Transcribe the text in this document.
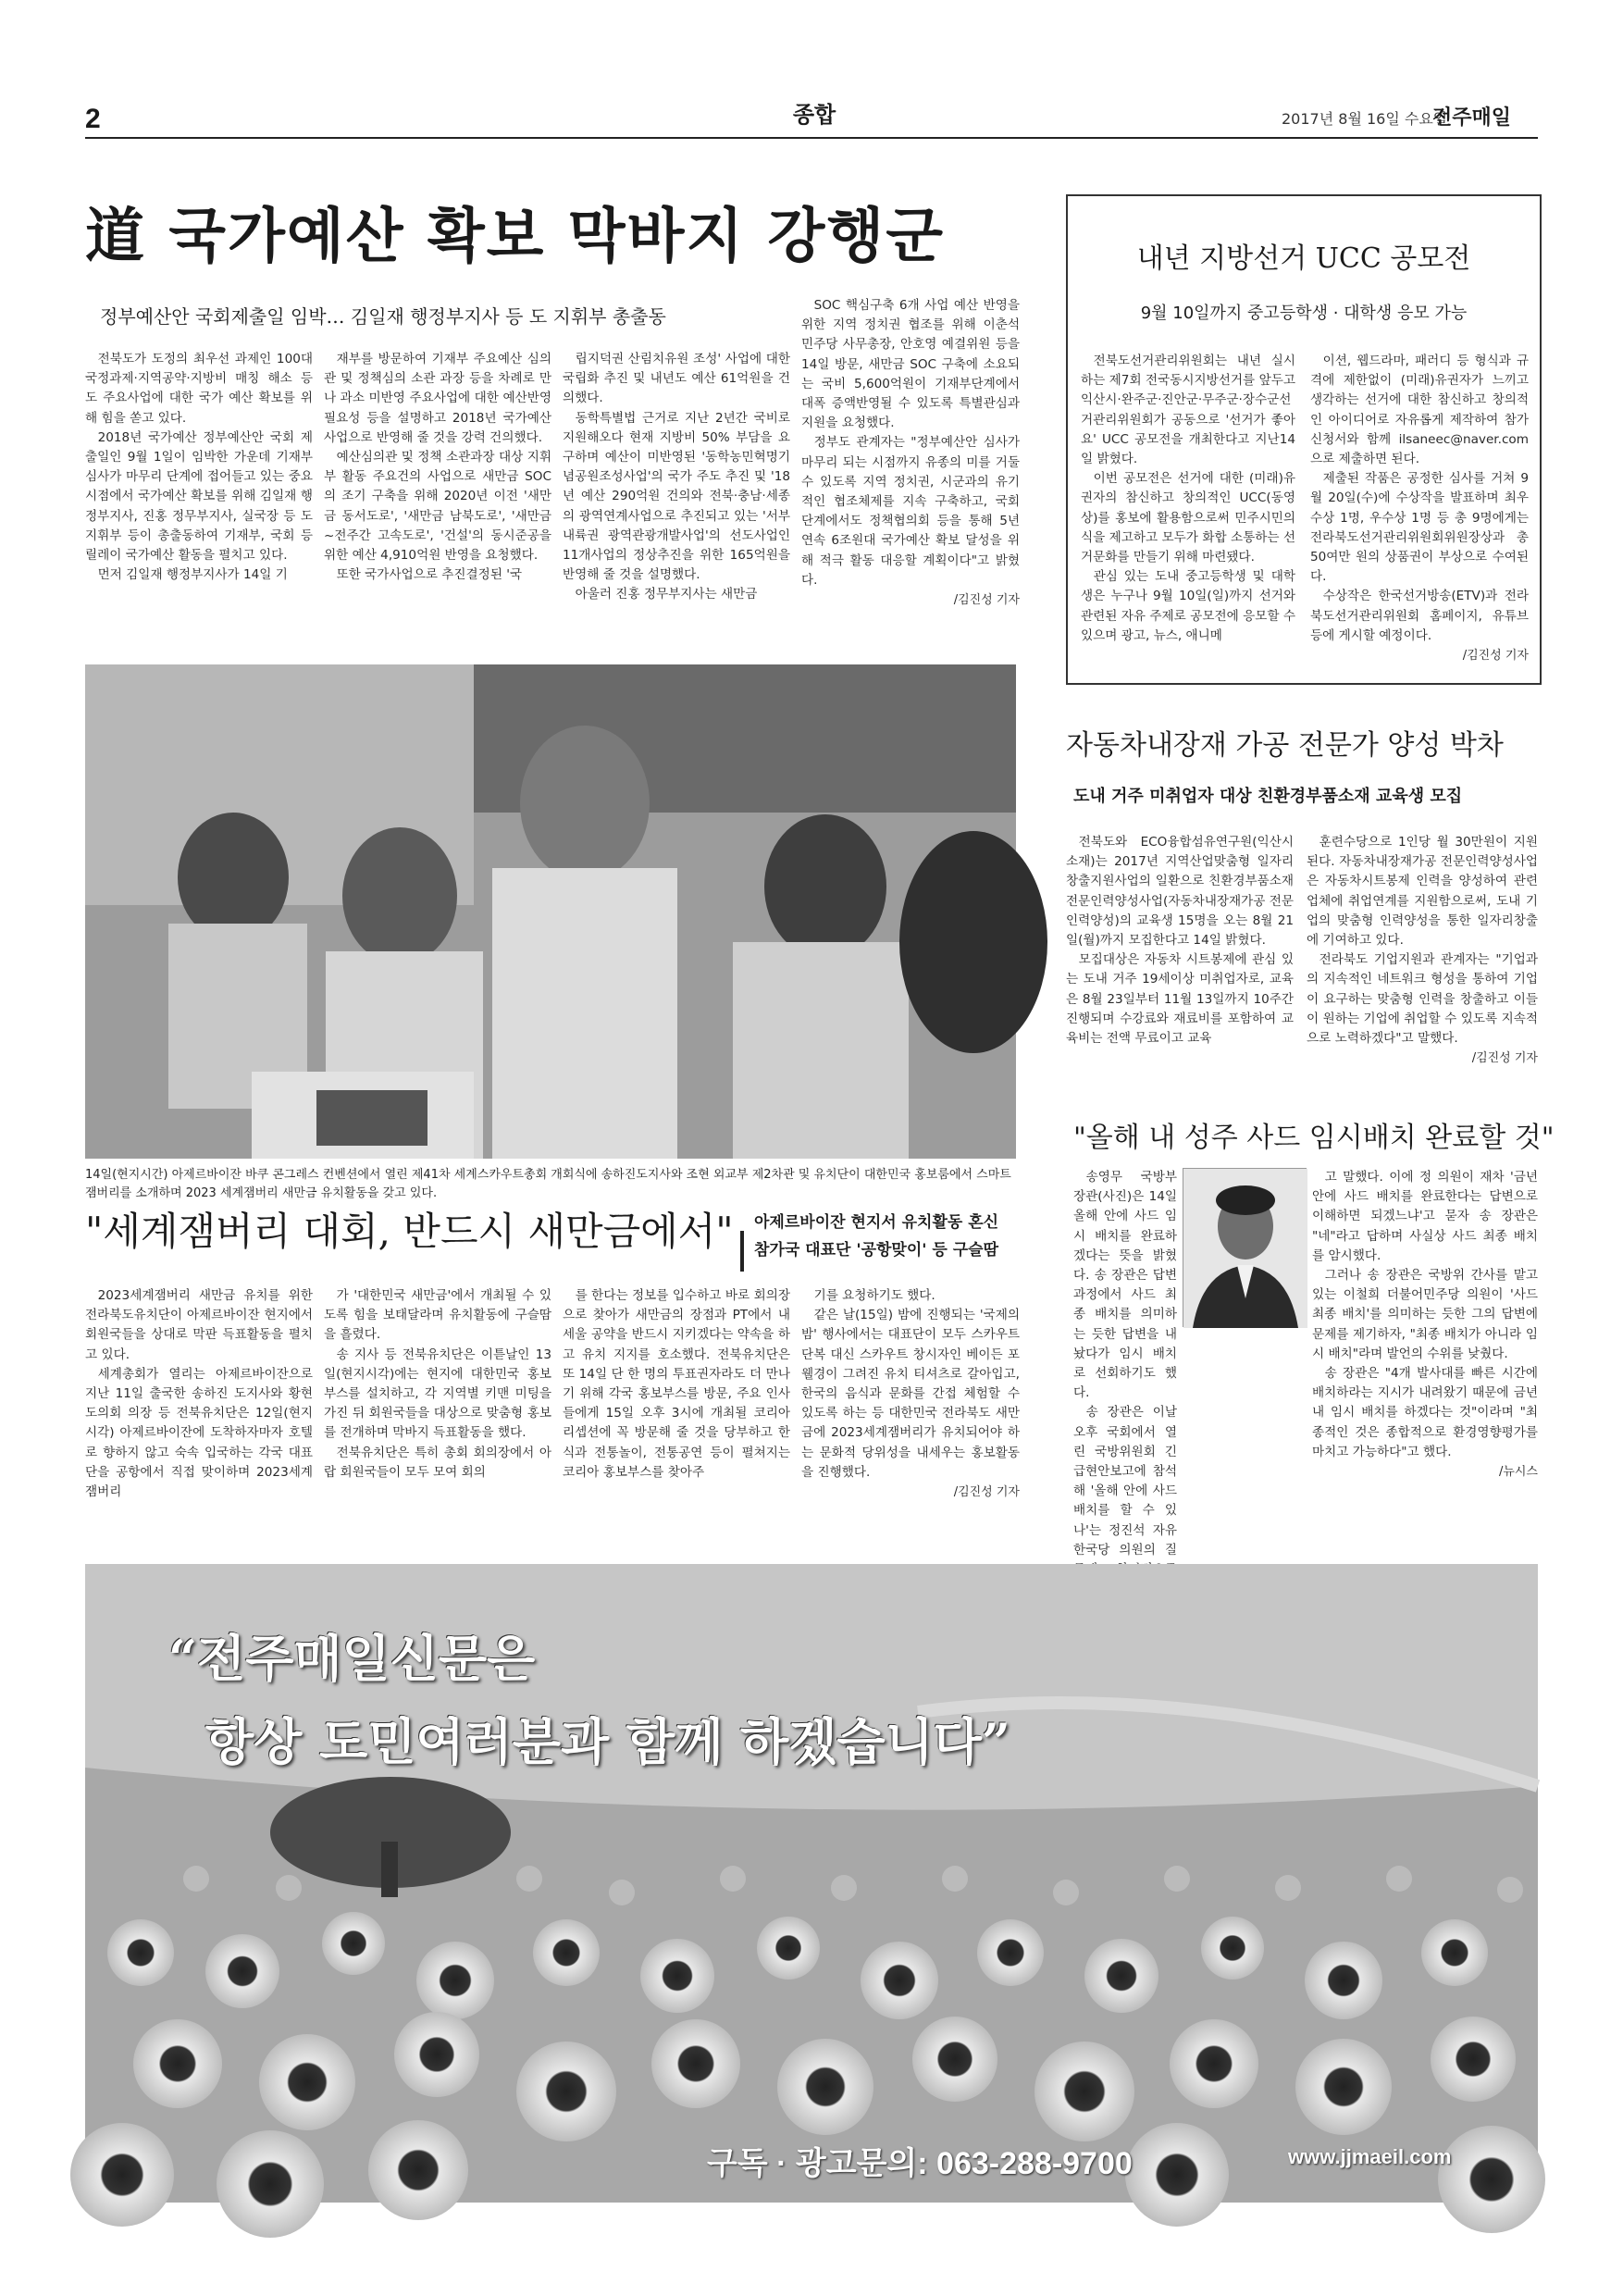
2	종합	2017년 8월 16일 수요일
전주매일
道 국가예산 확보 막바지 강행군
정부예산안 국회제출일 임박… 김일재 행정부지사 등 도 지휘부 총출동

전북도가 도정의 최우선 과제인 100대국정과제·지역공약·지방비 매칭 해소 등 도 주요사업에 대한 국가 예산 확보를 위해 힘을 쏟고 있다.

2018년 국가예산 정부예산안 국회 제출일인 9월 1일이 임박한 가운데 기재부 심사가 마무리 단계에 접어들고 있는 중요시점에서 국가예산 확보를 위해 김일재 행정부지사, 진홍 정무부지사, 실국장 등 도 지휘부 등이 총출동하여 기재부, 국회 등 릴레이 국가예산 활동을 펼치고 있다.

먼저 김일재 행정부지사가 14일 기

재부를 방문하여 기재부 주요예산 심의관 및 정책심의 소관 과장 등을 차례로 만나 과소 미반영 주요사업에 대한 예산반영 필요성 등을 설명하고 2018년 국가예산사업으로 반영해 줄 것을 강력 건의했다.

예산심의관 및 정책 소관과장 대상 지휘부 활동 주요건의 사업으로 새만금 SOC의 조기 구축을 위해 2020년 이전 '새만금 동서도로', '새만금 남북도로', '새만금~전주간 고속도로', '건설'의 동시준공을 위한 예산 4,910억원 반영을 요청했다.

또한 국가사업으로 추진결정된 '국

립지덕권 산림치유원 조성' 사업에 대한 국립화 추진 및 내년도 예산 61억원을 건의했다.

동학특별법 근거로 지난 2년간 국비로 지원해오다 현재 지방비 50% 부담을 요구하며 예산이 미반영된 '동학농민혁명기념공원조성사업'의 국가 주도 추진 및 '18년 예산 290억원 건의와 전북·충남·세종의 광역연계사업으로 추진되고 있는 '서부내륙권 광역관광개발사업'의 선도사업인 11개사업의 정상추진을 위한 165억원을 반영해 줄 것을 설명했다.

아울러 진홍 정무부지사는 새만금

SOC 핵심구축 6개 사업 예산 반영을 위한 지역 정치권 협조를 위해 이춘석 민주당 사무총장, 안호영 예결위원 등을 14일 방문, 새만금 SOC 구축에 소요되는 국비 5,600억원이 기재부단계에서 대폭 증액반영될 수 있도록 특별관심과 지원을 요청했다.

정부도 관계자는 "정부예산안 심사가 마무리 되는 시점까지 유종의 미를 거둘 수 있도록 지역 정치권, 시군과의 유기적인 협조체제를 지속 구축하고, 국회 단계에서도 정책협의회 등을 통해 5년 연속 6조원대 국가예산 확보 달성을 위해 적극 활동 대응할 계획이다"고 밝혔다.

/김진성 기자

내년 지방선거 UCC 공모전
9월 10일까지 중고등학생 · 대학생 응모 가능

전북도선거관리위원회는 내년 실시하는 제7회 전국동시지방선거를 앞두고 익산시·완주군·진안군·무주군·장수군선거관리위원회가 공동으로 '선거가 좋아요' UCC 공모전을 개최한다고 지난14일 밝혔다.

이번 공모전은 선거에 대한 (미래)유권자의 참신하고 창의적인 UCC(동영상)를 홍보에 활용함으로써 민주시민의식을 제고하고 모두가 화합 소통하는 선거문화를 만들기 위해 마련됐다.

관심 있는 도내 중고등학생 및 대학생은 누구나 9월 10일(일)까지 선거와 관련된 자유 주제로 공모전에 응모할 수 있으며 광고, 뉴스, 애니메

이션, 웹드라마, 패러디 등 형식과 규격에 제한없이 (미래)유권자가 느끼고 생각하는 선거에 대한 참신하고 창의적인 아이디어로 자유롭게 제작하여 참가신청서와 함께 ilsaneec@naver.com으로 제출하면 된다.

제출된 작품은 공정한 심사를 거쳐 9월 20일(수)에 수상작을 발표하며 최우수상 1명, 우수상 1명 등 총 9명에게는 전라북도선거관리위원회위원장상과 총 50여만 원의 상품권이 부상으로 수여된다.

수상작은 한국선거방송(ETV)과 전라북도선거관리위원회 홈페이지, 유튜브 등에 게시할 예정이다.

/김진성 기자

14일(현지시간) 아제르바이잔 바쿠 콘그레스 컨벤션에서 열린 제41차 세계스카우트총회 개회식에 송하진도지사와 조현 외교부 제2차관 및 유치단이 대한민국 홍보룸에서 스마트잼버리를 소개하며 2023 세계잼버리 새만금 유치활동을 갖고 있다.
"세계잼버리 대회, 반드시 새만금에서" 아제르바이잔 현지서 유치활동 혼신
참가국 대표단 '공항맞이' 등 구슬땀

2023세계잼버리 새만금 유치를 위한 전라북도유치단이 아제르바이잔 현지에서 회원국들을 상대로 막판 득표활동을 펼치고 있다.

세계총회가 열리는 아제르바이잔으로 지난 11일 출국한 송하진 도지사와 황현 도의회 의장 등 전북유치단은 12일(현지시각) 아제르바이잔에 도착하자마자 호텔로 향하지 않고 숙속 입국하는 각국 대표단을 공항에서 직접 맞이하며 2023세계잼버리

가 '대한민국 새만금'에서 개최될 수 있도록 힘을 보태달라며 유치활동에 구슬땀을 흘렸다.

송 지사 등 전북유치단은 이튿날인 13일(현지시각)에는 현지에 대한민국 홍보부스를 설치하고, 각 지역별 키맨 미팅을 가진 뒤 회원국들을 대상으로 맞춤형 홍보를 전개하며 막바지 득표활동을 했다.

전북유치단은 특히 총회 회의장에서 아랍 회원국들이 모두 모여 회의

를 한다는 정보를 입수하고 바로 회의장으로 찾아가 새만금의 장점과 PT에서 내세울 공약을 반드시 지키겠다는 약속을 하고 유치 지지를 호소했다. 전북유치단은 또 14일 단 한 명의 투표권자라도 더 만나기 위해 각국 홍보부스를 방문, 주요 인사들에게 15일 오후 3시에 개최될 코리아 리셉션에 꼭 방문해 줄 것을 당부하고 한식과 전통놀이, 전통공연 등이 펼쳐지는 코리아 홍보부스를 찾아주

기를 요청하기도 했다.

같은 날(15일) 밤에 진행되는 '국제의 밤' 행사에서는 대표단이 모두 스카우트 단복 대신 스카우트 창시자인 베이든 포웰경이 그려진 유치 티셔츠로 갈아입고, 한국의 음식과 문화를 간접 체험할 수 있도록 하는 등 대한민국 전라북도 새만금에 2023세계잼버리가 유치되어야 하는 문화적 당위성을 내세우는 홍보활동을 진행했다.

/김진성 기자

자동차내장재 가공 전문가 양성 박차
도내 거주 미취업자 대상 친환경부품소재 교육생 모집

전북도와 ECO융합섬유연구원(익산시 소재)는 2017년 지역산업맞춤형 일자리창출지원사업의 일환으로 친환경부품소재 전문인력양성사업(자동차내장재가공 전문인력양성)의 교육생 15명을 오는 8월 21일(월)까지 모집한다고 14일 밝혔다.

모집대상은 자동차 시트봉제에 관심 있는 도내 거주 19세이상 미취업자로, 교육은 8월 23일부터 11월 13일까지 10주간 진행되며 수강료와 재료비를 포함하여 교육비는 전액 무료이고 교육

훈련수당으로 1인당 월 30만원이 지원된다. 자동차내장재가공 전문인력양성사업은 자동차시트봉제 인력을 양성하여 관련 업체에 취업연계를 지원함으로써, 도내 기업의 맞춤형 인력양성을 통한 일자리창출에 기여하고 있다.

전라북도 기업지원과 관계자는 "기업과의 지속적인 네트워크 형성을 통하여 기업이 요구하는 맞춤형 인력을 창출하고 이들이 원하는 기업에 취업할 수 있도록 지속적으로 노력하겠다"고 말했다.

/김진성 기자

"올해 내 성주 사드 임시배치 완료할 것"

송영무 국방부 장관(사진)은 14일 올해 안에 사드 임시 배치를 완료하겠다는 뜻을 밝혔다. 송 장관은 답변 과정에서 사드 최종 배치를 의미하는 듯한 답변을 내놨다가 임시 배치로 선회하기도 했다.

송 장관은 이날 오후 국회에서 열린 국방위원회 긴급현안보고에 참석해 '올해 안에 사드 배치를 할 수 있나'는 정진석 자유한국당 의원의 질

고 말했다. 이에 정 의원이 재차 '금년 안에 사드 배치를 완료한다는 답변으로 이해하면 되겠느냐'고 묻자 송 장관은 "네"라고 답하며 사실상 사드 최종 배치를 암시했다.

그러나 송 장관은 국방위 간사를 맡고 있는 이철희 더불어민주당 의원이 '사드 최종 배치'를 의미하는 듯한 그의 답변에 문제를 제기하자, "최종 배치가 아니라 임시 배치"라며 발언의 수위를 낮췄다.

송 장관은 "4개 발사대를 빠른 시간에 배치하라는 지시가 내려왔기 때문에 금년 내 임시 배치를 하겠다는 것"이라며 "최종적인 것은 종합적으로 환경영향평가를 마치고 가능하다"고 했다.

/뉴시스

“전주매일신문은
항상 도민여러분과 함께 하겠습니다”
구독 · 광고문의: 063-288-9700	www.jjmaeil.com
